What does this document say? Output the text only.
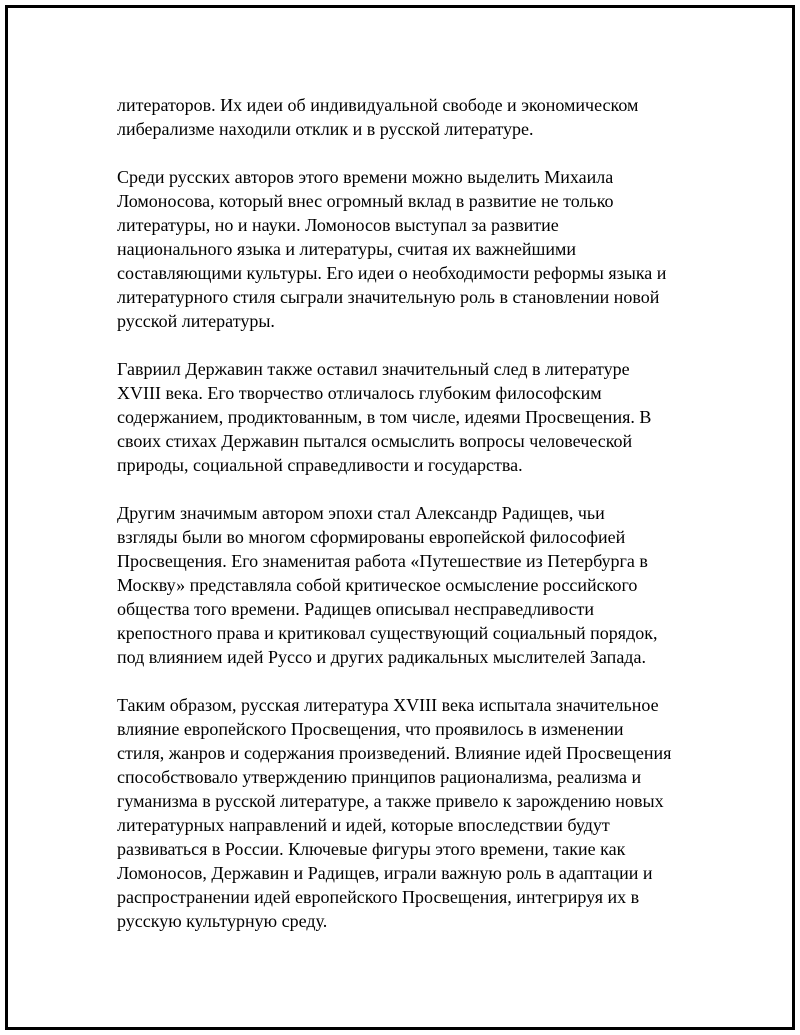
литераторов. Их идеи об индивидуальной свободе и экономическом
либерализме находили отклик и в русской литературе.

Среди русских авторов этого времени можно выделить Михаила
Ломоносова, который внес огромный вклад в развитие не только
литературы, но и науки. Ломоносов выступал за развитие
национального языка и литературы, считая их важнейшими
составляющими культуры. Его идеи о необходимости реформы языка и
литературного стиля сыграли значительную роль в становлении новой
русской литературы.

Гавриил Державин также оставил значительный след в литературе
XVIII века. Его творчество отличалось глубоким философским
содержанием, продиктованным, в том числе, идеями Просвещения. В
своих стихах Державин пытался осмыслить вопросы человеческой
природы, социальной справедливости и государства.

Другим значимым автором эпохи стал Александр Радищев, чьи
взгляды были во многом сформированы европейской философией
Просвещения. Его знаменитая работа «Путешествие из Петербурга в
Москву» представляла собой критическое осмысление российского
общества того времени. Радищев описывал несправедливости
крепостного права и критиковал существующий социальный порядок,
под влиянием идей Руссо и других радикальных мыслителей Запада.

Таким образом, русская литература XVIII века испытала значительное
влияние европейского Просвещения, что проявилось в изменении
стиля, жанров и содержания произведений. Влияние идей Просвещения
способствовало утверждению принципов рационализма, реализма и
гуманизма в русской литературе, а также привело к зарождению новых
литературных направлений и идей, которые впоследствии будут
развиваться в России. Ключевые фигуры этого времени, такие как
Ломоносов, Державин и Радищев, играли важную роль в адаптации и
распространении идей европейского Просвещения, интегрируя их в
русскую культурную среду.
